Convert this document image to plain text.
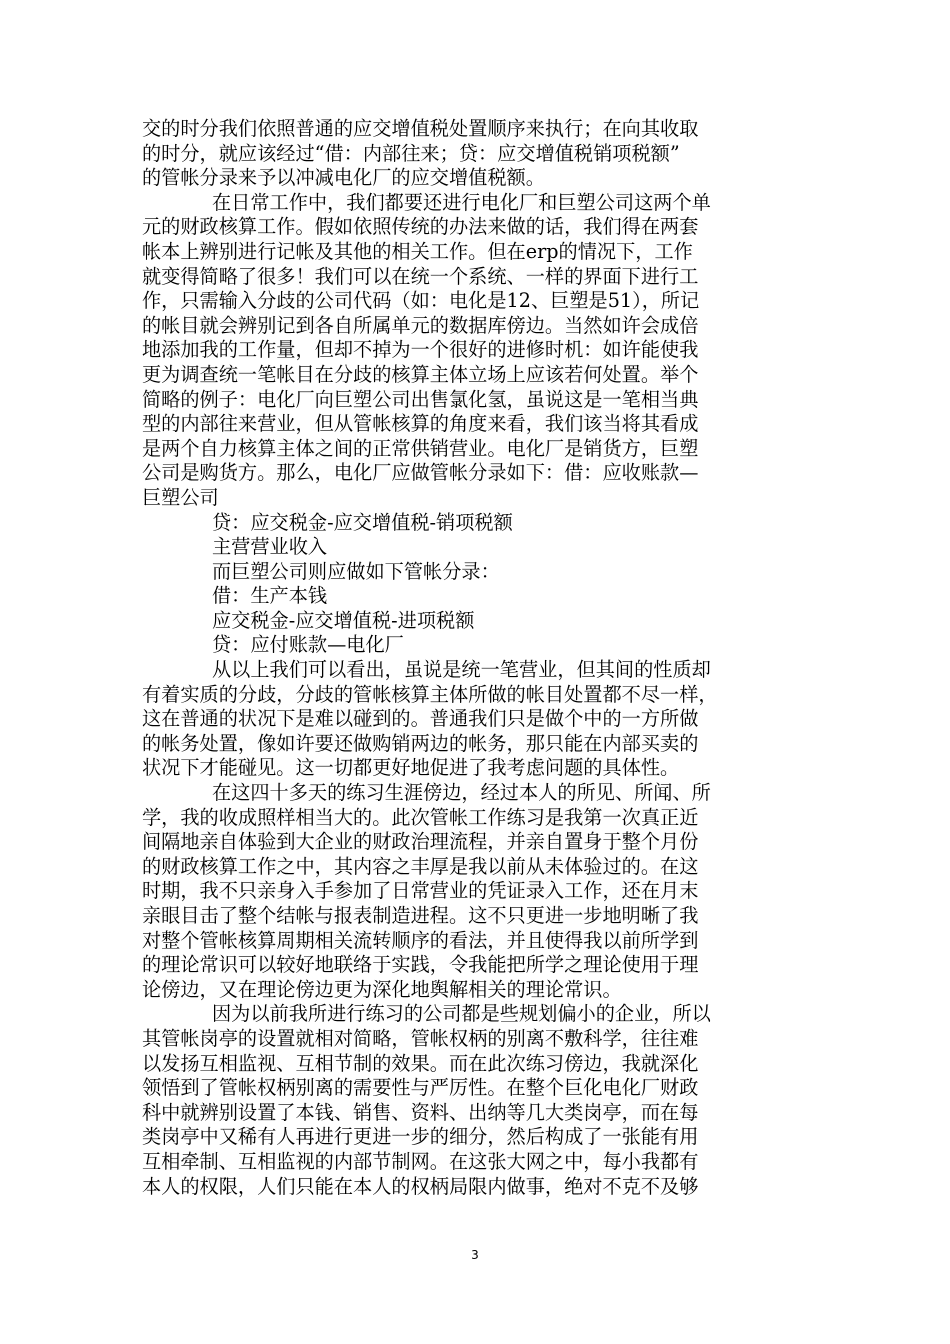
交的时分我们依照普通的应交增值税处置顺序来执行；在向其收取
的时分，就应该经过“借：内部往来；贷：应交增值税销项税额”
的管帐分录来予以冲减电化厂的应交增值税额。
在日常工作中，我们都要还进行电化厂和巨塑公司这两个单
元的财政核算工作。假如依照传统的办法来做的话，我们得在两套
帐本上辨别进行记帐及其他的相关工作。但在erp的情况下，工作
就变得简略了很多！我们可以在统一个系统、一样的界面下进行工
作，只需输入分歧的公司代码（如：电化是12、巨塑是51），所记
的帐目就会辨别记到各自所属单元的数据库傍边。当然如许会成倍
地添加我的工作量，但却不掉为一个很好的进修时机：如许能使我
更为调查统一笔帐目在分歧的核算主体立场上应该若何处置。举个
简略的例子：电化厂向巨塑公司出售氯化氢，虽说这是一笔相当典
型的内部往来营业，但从管帐核算的角度来看，我们该当将其看成
是两个自力核算主体之间的正常供销营业。电化厂是销货方，巨塑
公司是购货方。那么，电化厂应做管帐分录如下：借：应收账款—
巨塑公司
贷：应交税金-应交增值税-销项税额
主营营业收入
而巨塑公司则应做如下管帐分录：
借：生产本钱
应交税金-应交增值税-进项税额
贷：应付账款—电化厂
从以上我们可以看出，虽说是统一笔营业，但其间的性质却
有着实质的分歧，分歧的管帐核算主体所做的帐目处置都不尽一样，
这在普通的状况下是难以碰到的。普通我们只是做个中的一方所做
的帐务处置，像如许要还做购销两边的帐务，那只能在内部买卖的
状况下才能碰见。这一切都更好地促进了我考虑问题的具体性。
在这四十多天的练习生涯傍边，经过本人的所见、所闻、所
学，我的收成照样相当大的。此次管帐工作练习是我第一次真正近
间隔地亲自体验到大企业的财政治理流程，并亲自置身于整个月份
的财政核算工作之中，其内容之丰厚是我以前从未体验过的。在这
时期，我不只亲身入手参加了日常营业的凭证录入工作，还在月末
亲眼目击了整个结帐与报表制造进程。这不只更进一步地明晰了我
对整个管帐核算周期相关流转顺序的看法，并且使得我以前所学到
的理论常识可以较好地联络于实践，令我能把所学之理论使用于理
论傍边，又在理论傍边更为深化地舆解相关的理论常识。
因为以前我所进行练习的公司都是些规划偏小的企业，所以
其管帐岗亭的设置就相对简略，管帐权柄的别离不敷科学，往往难
以发扬互相监视、互相节制的效果。而在此次练习傍边，我就深化
领悟到了管帐权柄别离的需要性与严厉性。在整个巨化电化厂财政
科中就辨别设置了本钱、销售、资料、出纳等几大类岗亭，而在每
类岗亭中又稀有人再进行更进一步的细分，然后构成了一张能有用
互相牵制、互相监视的内部节制网。在这张大网之中，每小我都有
本人的权限，人们只能在本人的权柄局限内做事，绝对不克不及够
3
